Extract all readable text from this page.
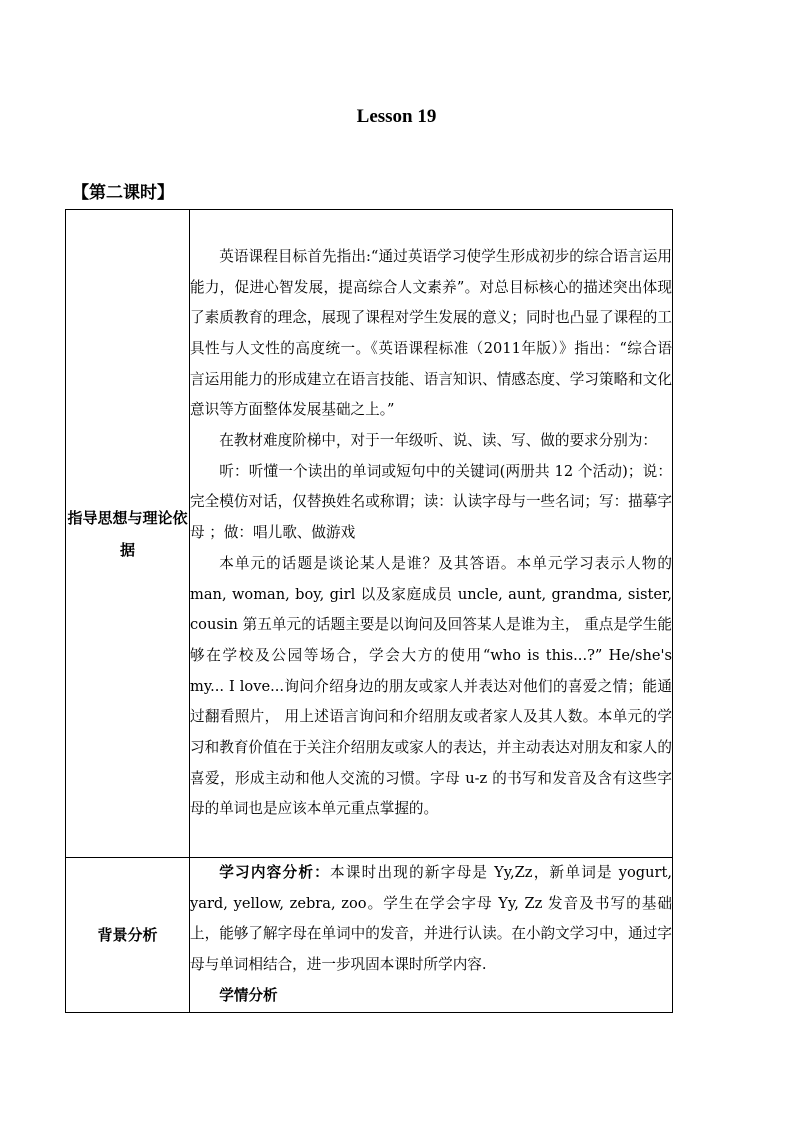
Lesson 19
【第二课时】
指导思想与理论依据	英语课程目标首先指出:“通过英语学习使学生形成初步的综合语言运用能力，促进心智发展，提高综合人文素养”。对总目标核心的描述突出体现了素质教育的理念，展现了课程对学生发展的意义；同时也凸显了课程的工具性与人文性的高度统一。《英语课程标准（2011年版）》指出：“综合语言运用能力的形成建立在语言技能、语言知识、情感态度、学习策略和文化意识等方面整体发展基础之上。”

在教材难度阶梯中，对于一年级听、说、读、写、做的要求分别为：

听：听懂一个读出的单词或短句中的关键词(两册共 12 个活动)；说：完全模仿对话，仅替换姓名或称谓；读：认读字母与一些名词；写：描摹字母 ；做：唱儿歌、做游戏

本单元的话题是谈论某人是谁？及其答语。本单元学习表示人物的 man, woman, boy, girl 以及家庭成员 uncle, aunt, grandma, sister, cousin 第五单元的话题主要是以询问及回答某人是谁为主， 重点是学生能够在学校及公园等场合，学会大方的使用“who is this...?” He/she's my... I love...询问介绍身边的朋友或家人并表达对他们的喜爱之情；能通过翻看照片， 用上述语言询问和介绍朋友或者家人及其人数。本单元的学习和教育价值在于关注介绍朋友或家人的表达，并主动表达对朋友和家人的喜爱，形成主动和他人交流的习惯。字母 u-z 的书写和发音及含有这些字母的单词也是应该本单元重点掌握的。

背景分析	学习内容分析：本课时出现的新字母是 Yy,Zz，新单词是 yogurt, yard, yellow, zebra, zoo。学生在学会字母 Yy, Zz 发音及书写的基础上，能够了解字母在单词中的发音，并进行认读。在小韵文学习中，通过字母与单词相结合，进一步巩固本课时所学内容.

学情分析
